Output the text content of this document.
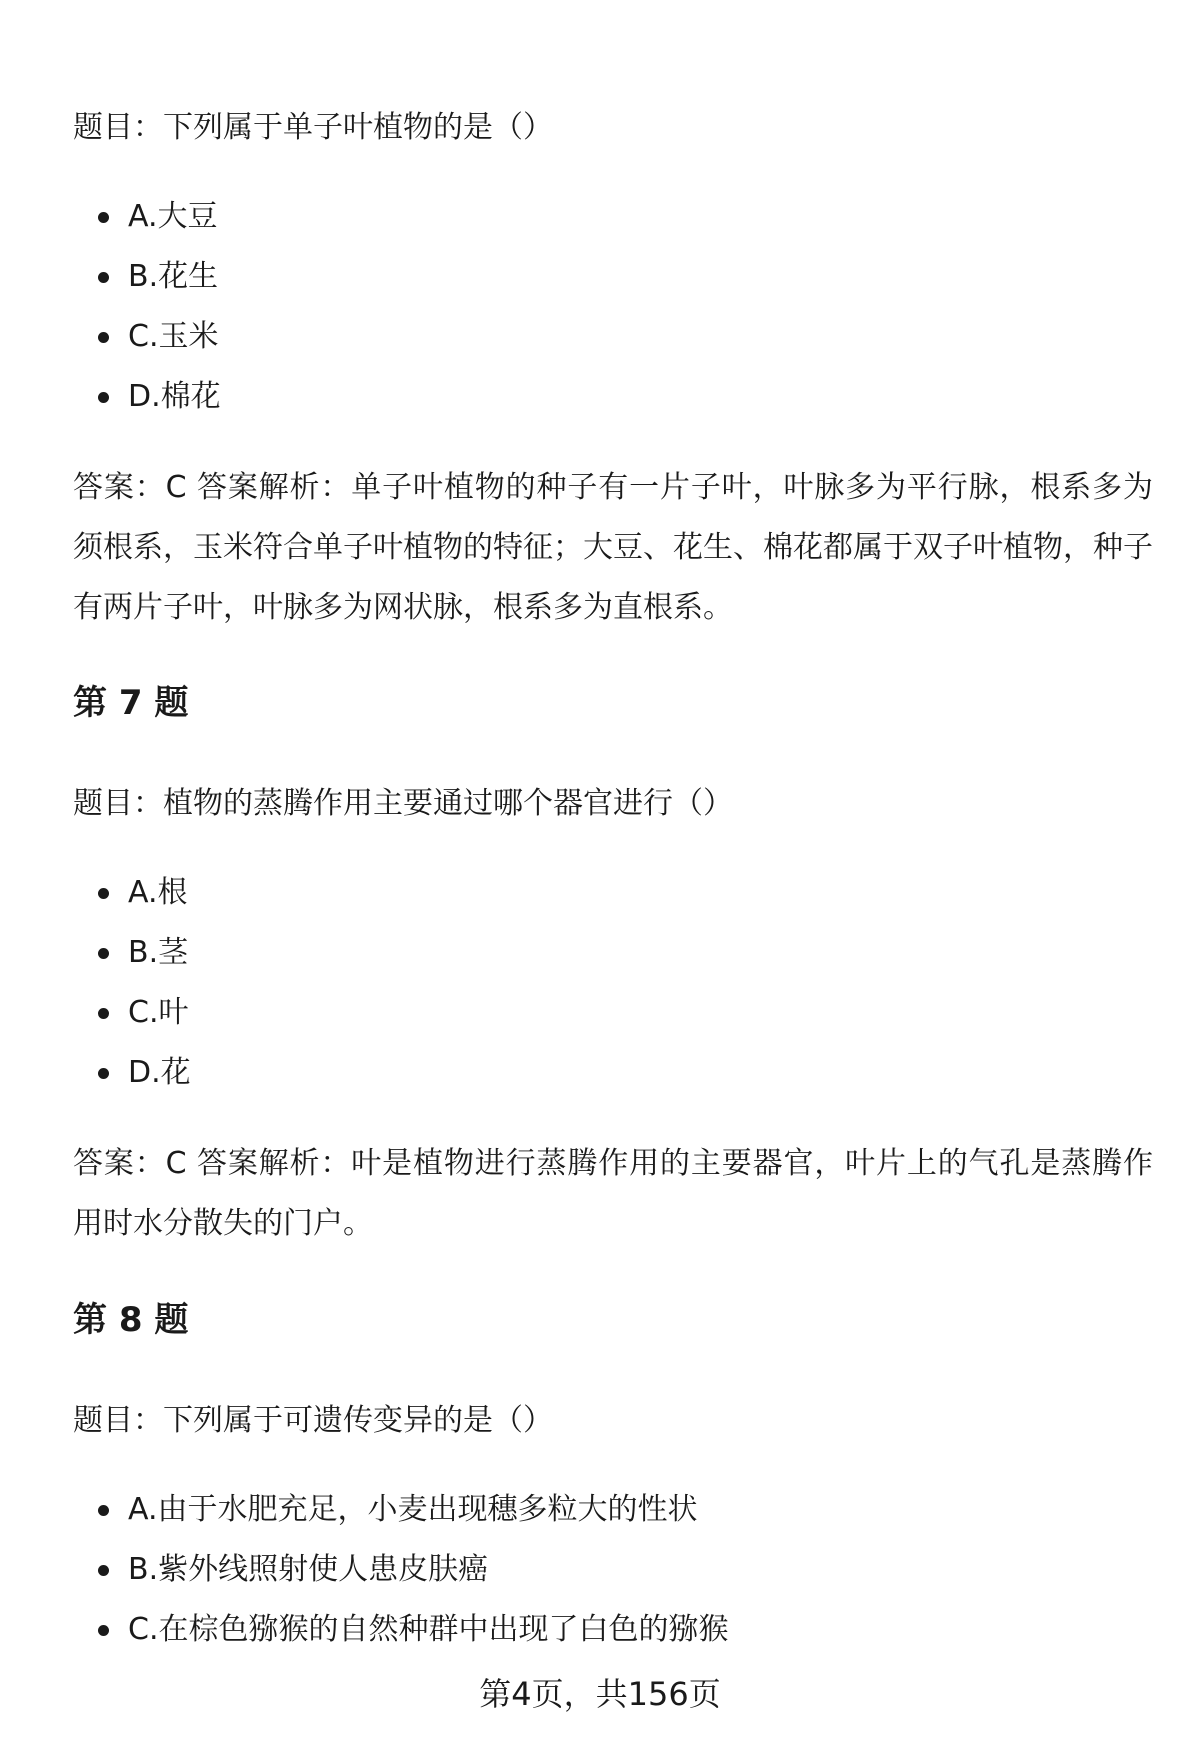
题目：下列属于单子叶植物的是（）
A.大豆
B.花生
C.玉米
D.棉花
答案：C 答案解析：单子叶植物的种子有一片子叶，叶脉多为平行脉，根系多为须根系，玉米符合单子叶植物的特征；大豆、花生、棉花都属于双子叶植物，种子有两片子叶，叶脉多为网状脉，根系多为直根系。
第 7 题
题目：植物的蒸腾作用主要通过哪个器官进行（）
A.根
B.茎
C.叶
D.花
答案：C 答案解析：叶是植物进行蒸腾作用的主要器官，叶片上的气孔是蒸腾作用时水分散失的门户。
第 8 题
题目：下列属于可遗传变异的是（）
A.由于水肥充足，小麦出现穗多粒大的性状
B.紫外线照射使人患皮肤癌
C.在棕色猕猴的自然种群中出现了白色的猕猴
第4页，共156页
